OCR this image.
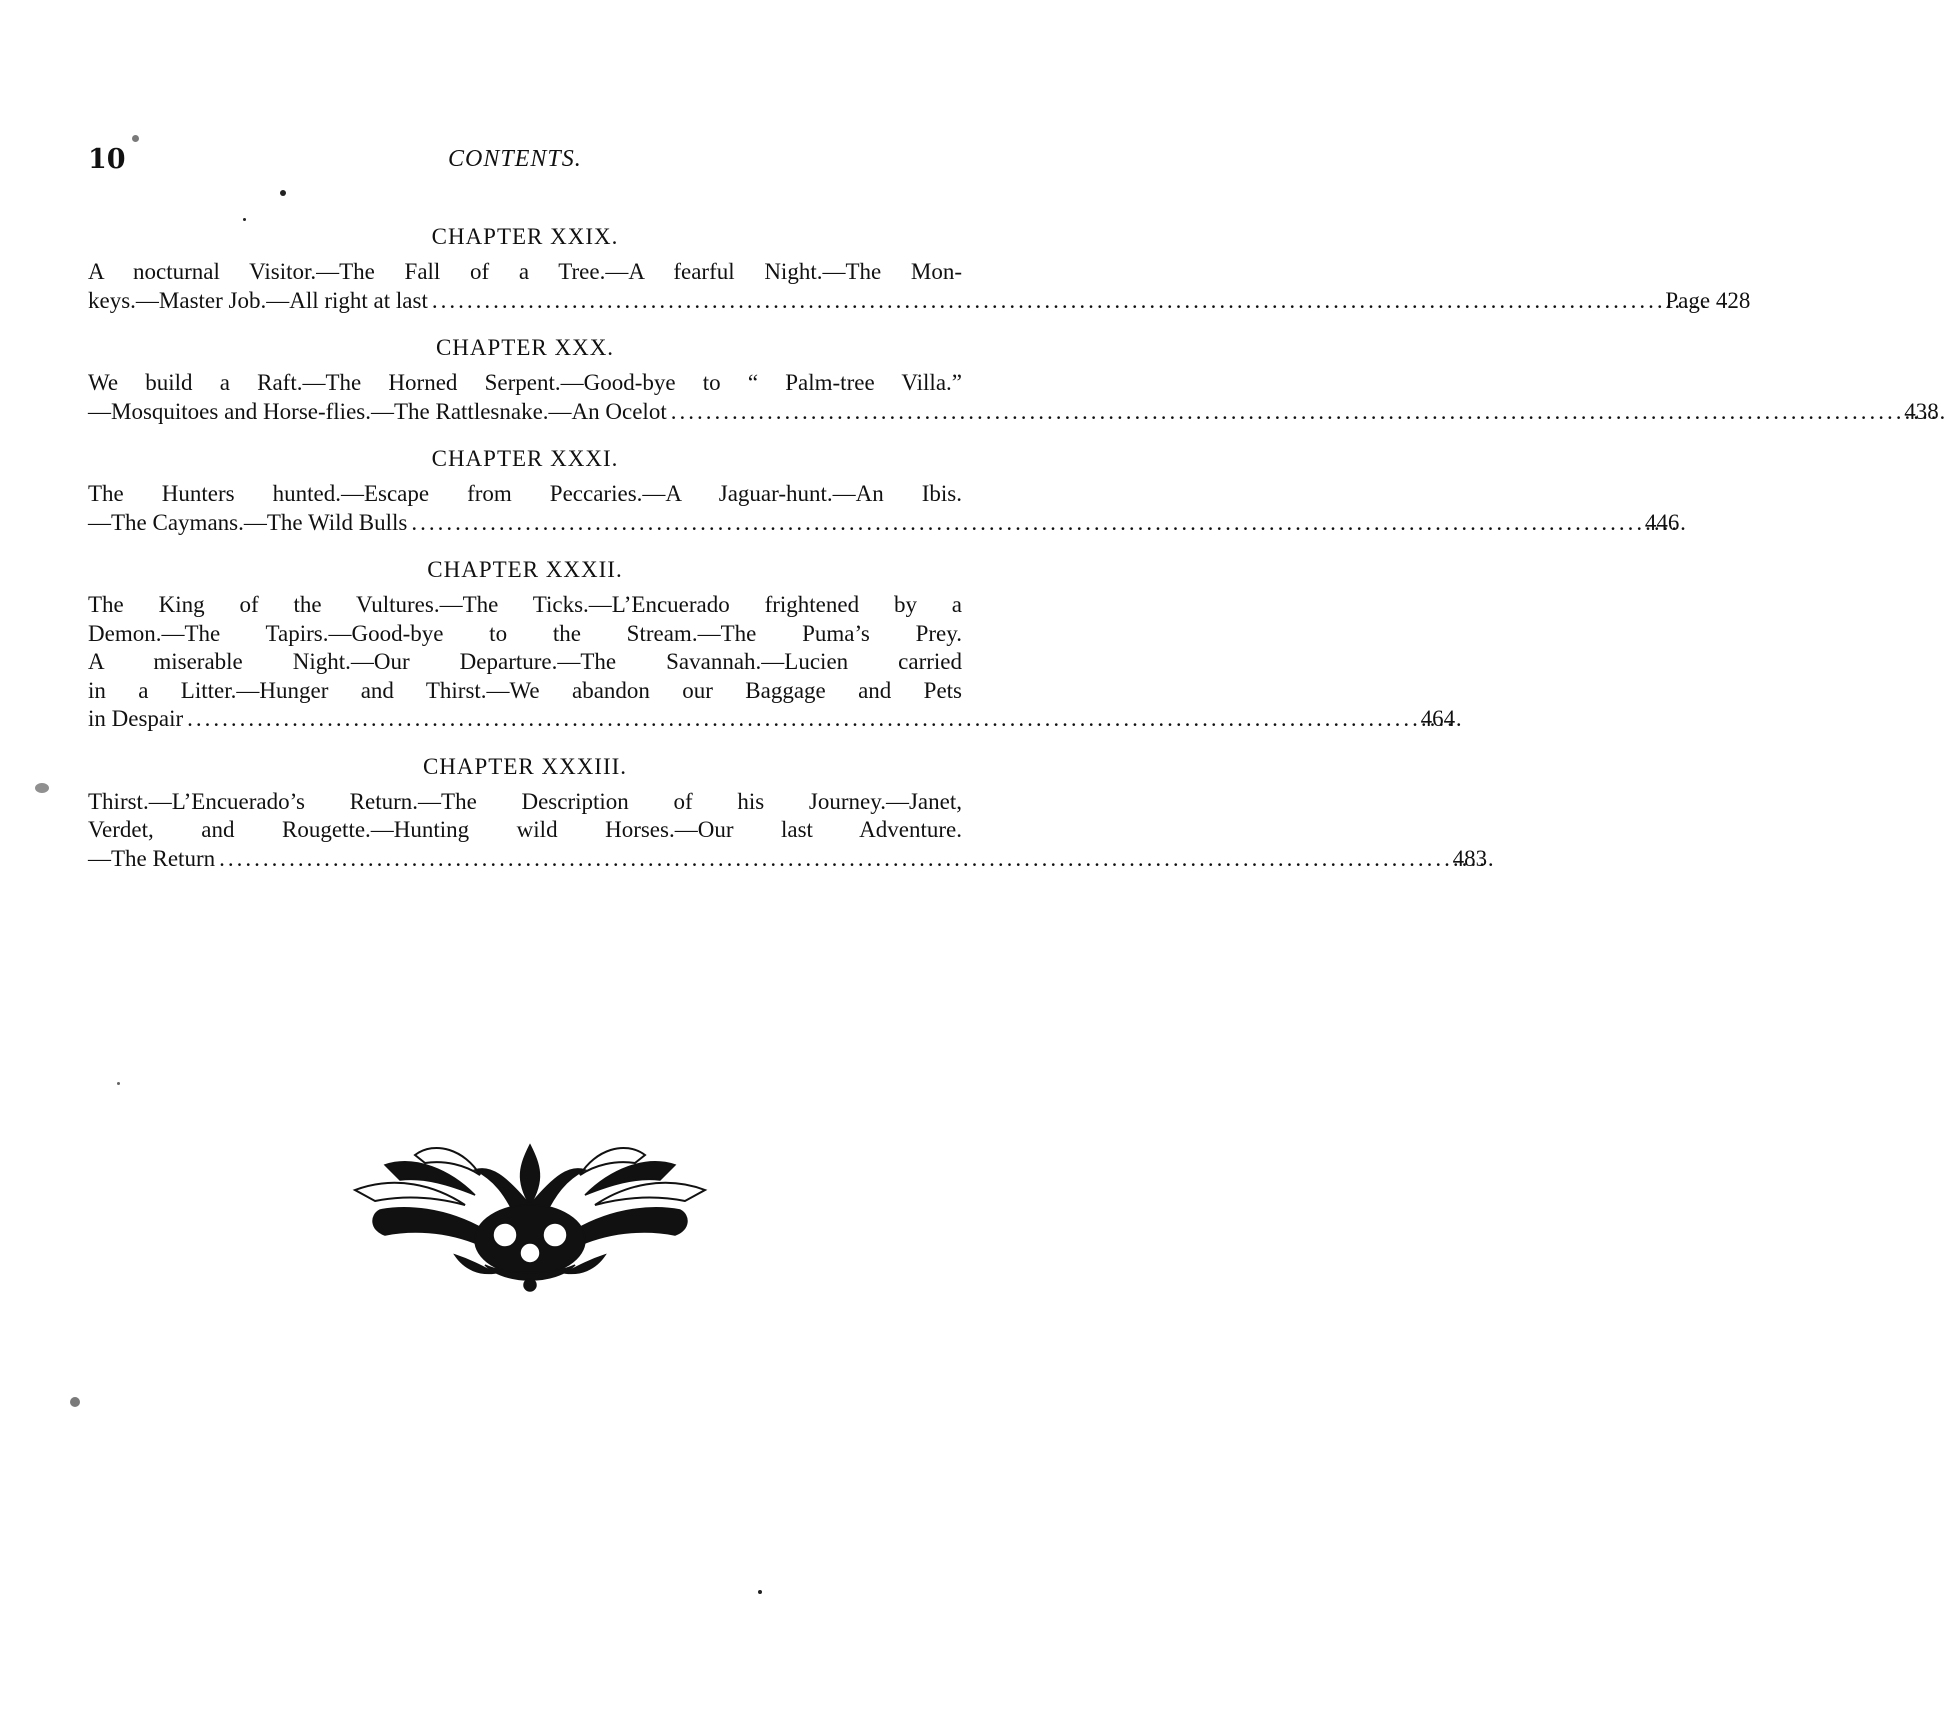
10	CONTENTS.
CHAPTER XXIX.
A nocturnal Visitor.—The Fall of a Tree.—A fearful Night.—The Mon-
keys.—Master Job.—All right at last .....	Page 428
CHAPTER XXX.
We build a Raft.—The Horned Serpent.—Good-bye to “ Palm-tree Villa.”
—Mosquitoes and Horse-flies.—The Rattlesnake.—An Ocelot .....	438
CHAPTER XXXI.
The Hunters hunted.—Escape from Peccaries.—A Jaguar-hunt.—An Ibis.
—The Caymans.—The Wild Bulls .....	446
CHAPTER XXXII.
The King of the Vultures.—The Ticks.—L’Encuerado frightened by a
Demon.—The Tapirs.—Good-bye to the Stream.—The Puma’s Prey.
A miserable Night.—Our Departure.—The Savannah.—Lucien carried
in a Litter.—Hunger and Thirst.—We abandon our Baggage and Pets
in Despair .....	464
CHAPTER XXXIII.
Thirst.—L’Encuerado’s Return.—The Description of his Journey.—Janet,
Verdet, and Rougette.—Hunting wild Horses.—Our last Adventure.
—The Return .....	483
